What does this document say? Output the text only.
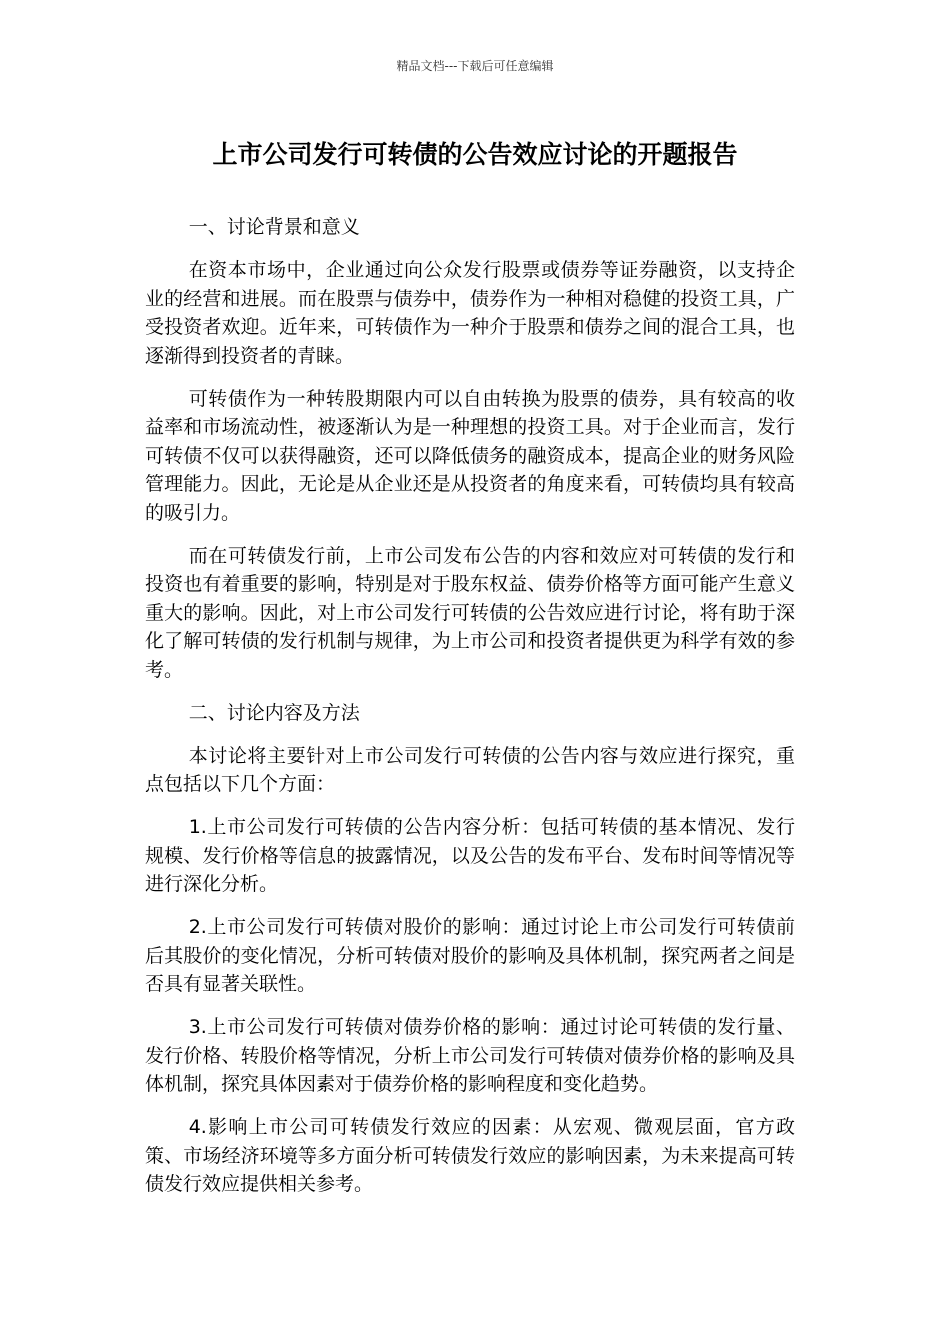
精品文档---下载后可任意编辑
上市公司发行可转债的公告效应讨论的开题报告

一、讨论背景和意义

在资本市场中，企业通过向公众发行股票或债券等证券融资，以支持企业的经营和进展。而在股票与债券中，债券作为一种相对稳健的投资工具，广受投资者欢迎。近年来，可转债作为一种介于股票和债券之间的混合工具，也逐渐得到投资者的青睐。

可转债作为一种转股期限内可以自由转换为股票的债券，具有较高的收益率和市场流动性，被逐渐认为是一种理想的投资工具。对于企业而言，发行可转债不仅可以获得融资，还可以降低债务的融资成本，提高企业的财务风险管理能力。因此，无论是从企业还是从投资者的角度来看，可转债均具有较高的吸引力。

而在可转债发行前，上市公司发布公告的内容和效应对可转债的发行和投资也有着重要的影响，特别是对于股东权益、债券价格等方面可能产生意义重大的影响。因此，对上市公司发行可转债的公告效应进行讨论，将有助于深化了解可转债的发行机制与规律，为上市公司和投资者提供更为科学有效的参考。

二、讨论内容及方法

本讨论将主要针对上市公司发行可转债的公告内容与效应进行探究，重点包括以下几个方面：

1.上市公司发行可转债的公告内容分析：包括可转债的基本情况、发行规模、发行价格等信息的披露情况，以及公告的发布平台、发布时间等情况等进行深化分析。

2.上市公司发行可转债对股价的影响：通过讨论上市公司发行可转债前后其股价的变化情况，分析可转债对股价的影响及具体机制，探究两者之间是否具有显著关联性。

3.上市公司发行可转债对债券价格的影响：通过讨论可转债的发行量、发行价格、转股价格等情况，分析上市公司发行可转债对债券价格的影响及具体机制，探究具体因素对于债券价格的影响程度和变化趋势。

4.影响上市公司可转债发行效应的因素：从宏观、微观层面，官方政策、市场经济环境等多方面分析可转债发行效应的影响因素，为未来提高可转债发行效应提供相关参考。
